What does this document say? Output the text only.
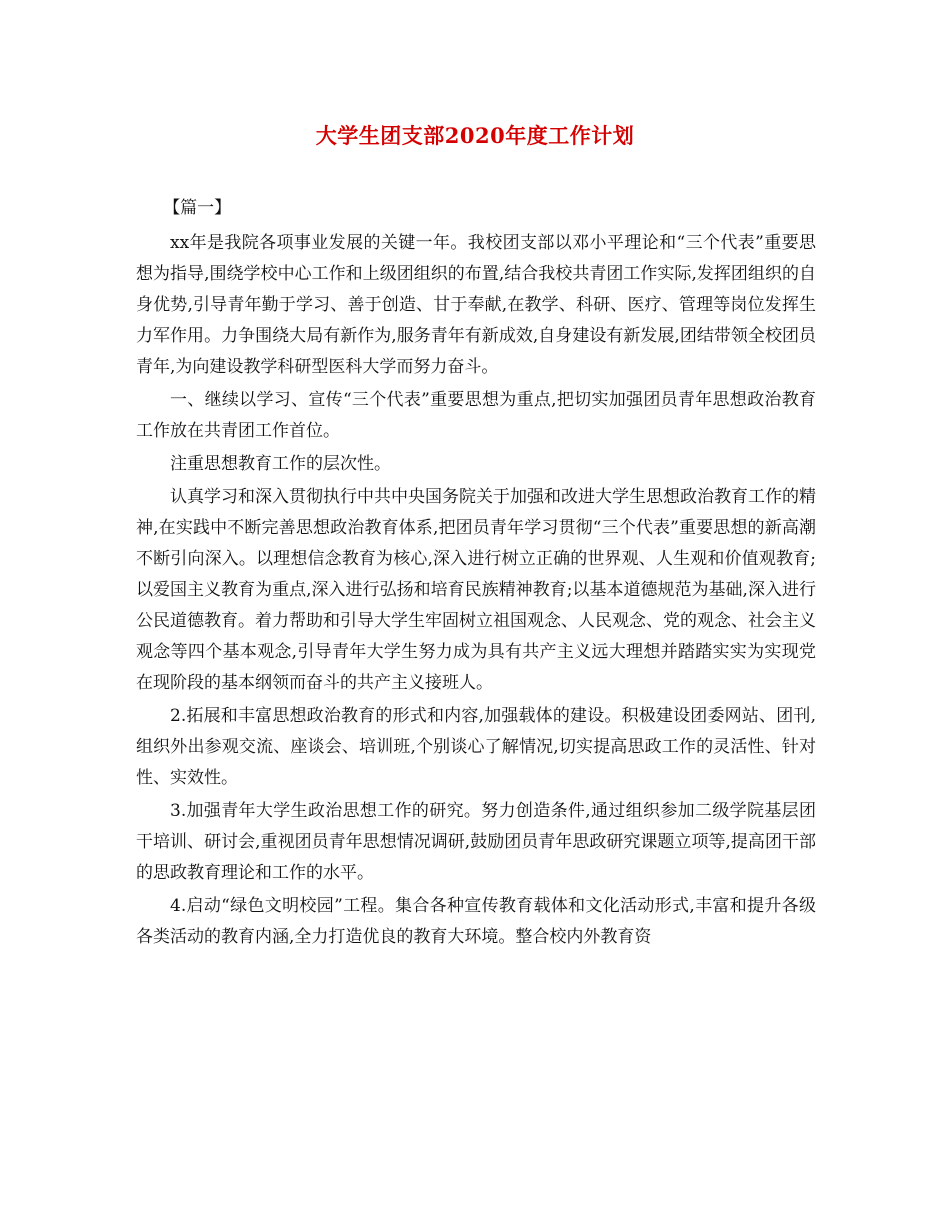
大学生团支部2020年度工作计划

【篇一】

xx年是我院各项事业发展的关键一年。我校团支部以邓小平理论和“三个代表”重要思想为指导,围绕学校中心工作和上级团组织的布置,结合我校共青团工作实际,发挥团组织的自身优势,引导青年勤于学习、善于创造、甘于奉献,在教学、科研、医疗、管理等岗位发挥生力军作用。力争围绕大局有新作为,服务青年有新成效,自身建设有新发展,团结带领全校团员青年,为向建设教学科研型医科大学而努力奋斗。

一、继续以学习、宣传“三个代表”重要思想为重点,把切实加强团员青年思想政治教育工作放在共青团工作首位。

注重思想教育工作的层次性。

认真学习和深入贯彻执行中共中央国务院关于加强和改进大学生思想政治教育工作的精神,在实践中不断完善思想政治教育体系,把团员青年学习贯彻“三个代表”重要思想的新高潮不断引向深入。以理想信念教育为核心,深入进行树立正确的世界观、人生观和价值观教育;以爱国主义教育为重点,深入进行弘扬和培育民族精神教育;以基本道德规范为基础,深入进行公民道德教育。着力帮助和引导大学生牢固树立祖国观念、人民观念、党的观念、社会主义观念等四个基本观念,引导青年大学生努力成为具有共产主义远大理想并踏踏实实为实现党在现阶段的基本纲领而奋斗的共产主义接班人。

2.拓展和丰富思想政治教育的形式和内容,加强载体的建设。积极建设团委网站、团刊,组织外出参观交流、座谈会、培训班,个别谈心了解情况,切实提高思政工作的灵活性、针对性、实效性。

3.加强青年大学生政治思想工作的研究。努力创造条件,通过组织参加二级学院基层团干培训、研讨会,重视团员青年思想情况调研,鼓励团员青年思政研究课题立项等,提高团干部的思政教育理论和工作的水平。

4.启动“绿色文明校园”工程。集合各种宣传教育载体和文化活动形式,丰富和提升各级各类活动的教育内涵,全力打造优良的教育大环境。整合校内外教育资
